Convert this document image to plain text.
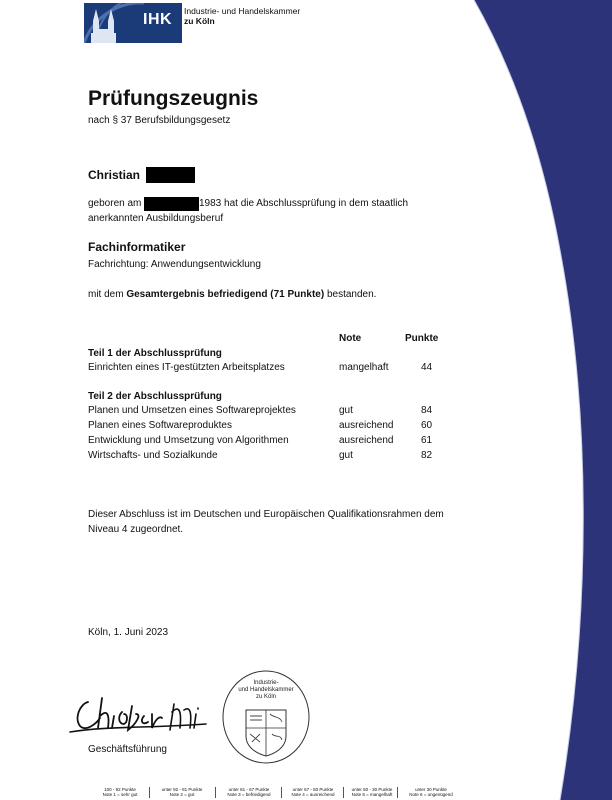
IHK Industrie- und Handelskammer
zu Köln
Prüfungszeugnis
nach § 37 Berufsbildungsgesetz
Christian
geboren am	1983 hat die Abschlussprüfung in dem staatlich
anerkannten Ausbildungsberuf
Fachinformatiker
Fachrichtung: Anwendungsentwicklung
mit dem Gesamtergebnis befriedigend (71 Punkte) bestanden.
Note	Punkte
Teil 1 der Abschlussprüfung
Einrichten eines IT-gestützten Arbeitsplatzes	mangelhaft	44
Teil 2 der Abschlussprüfung
Planen und Umsetzen eines Softwareprojektes	gut	84
Planen eines Softwareproduktes	ausreichend	60
Entwicklung und Umsetzung von Algorithmen	ausreichend	61
Wirtschafts- und Sozialkunde	gut	82
Dieser Abschluss ist im Deutschen und Europäischen Qualifikationsrahmen dem
Niveau 4 zugeordnet.
Köln, 1. Juni 2023
Geschäftsführung
Industrie-
und Handelskammer
zu Köln
100 - 92 Punkte
Note 1 = sehr gut
unter 92 - 81 Punkte
Note 2 = gut
unter 81 - 67 Punkte
Note 3 = befriedigend
unter 67 - 50 Punkte
Note 4 = ausreichend
unter 50 - 30 Punkte
Note 5 = mangelhaft
unter 30 Punkte
Note 6 = ungenügend
